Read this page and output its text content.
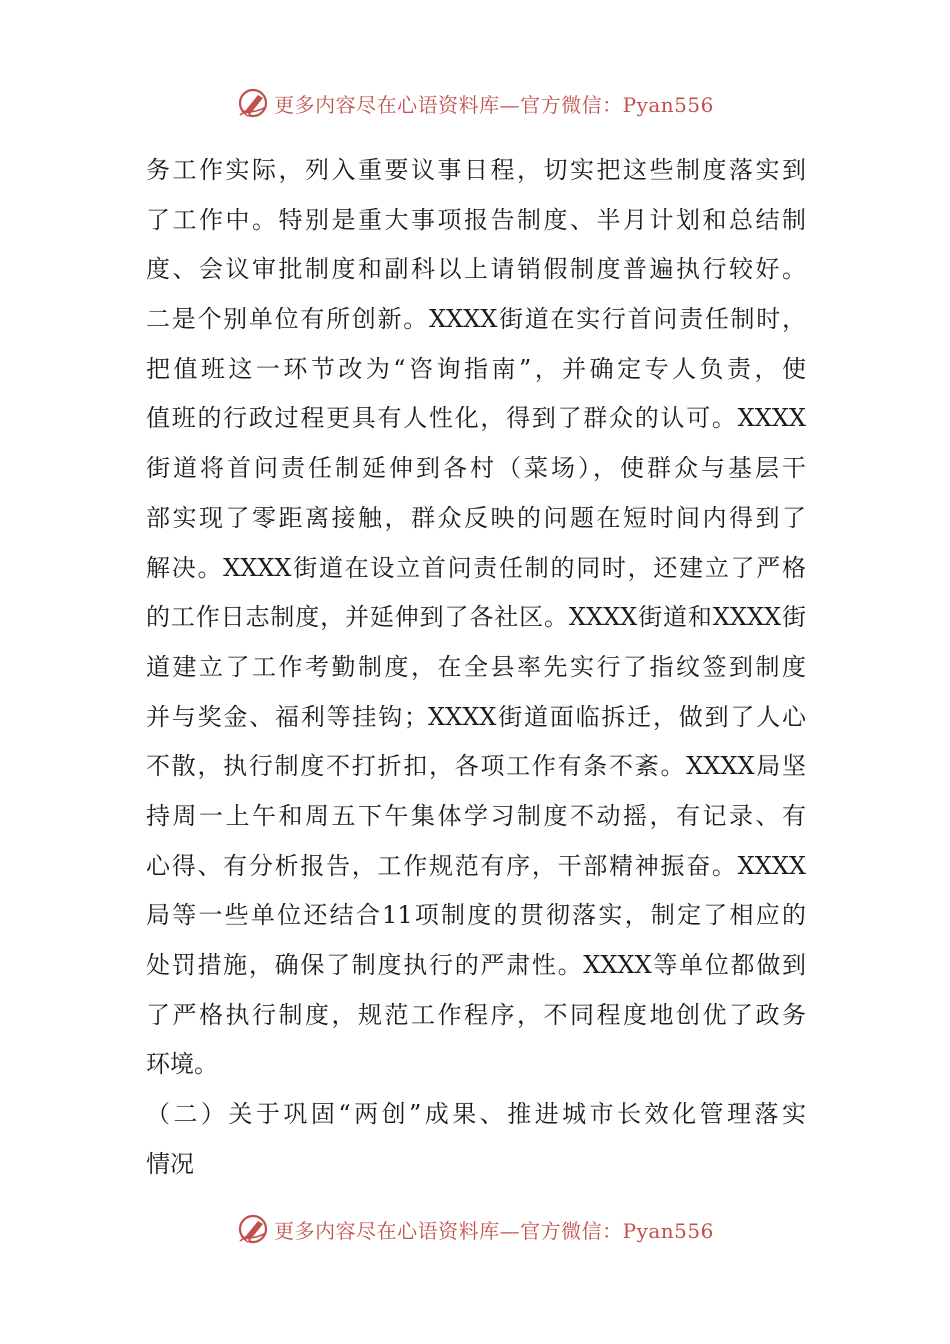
更多内容尽在心语资料库—官方微信：Pyan556
务工作实际，列入重要议事日程，切实把这些制度落实到
了工作中。特别是重大事项报告制度、半月计划和总结制
度、会议审批制度和副科以上请销假制度普遍执行较好。
二是个别单位有所创新。XXXX街道在实行首问责任制时，
把值班这一环节改为“咨询指南”，并确定专人负责，使
值班的行政过程更具有人性化，得到了群众的认可。XXXX
街道将首问责任制延伸到各村（菜场），使群众与基层干
部实现了零距离接触，群众反映的问题在短时间内得到了
解决。XXXX街道在设立首问责任制的同时，还建立了严格
的工作日志制度，并延伸到了各社区。XXXX街道和XXXX街
道建立了工作考勤制度，在全县率先实行了指纹签到制度
并与奖金、福利等挂钩；XXXX街道面临拆迁，做到了人心
不散，执行制度不打折扣，各项工作有条不紊。XXXX局坚
持周一上午和周五下午集体学习制度不动摇，有记录、有
心得、有分析报告，工作规范有序，干部精神振奋。XXXX
局等一些单位还结合11项制度的贯彻落实，制定了相应的
处罚措施，确保了制度执行的严肃性。XXXX等单位都做到
了严格执行制度，规范工作程序，不同程度地创优了政务
环境。
（二）关于巩固“两创”成果、推进城市长效化管理落实
情况
更多内容尽在心语资料库—官方微信：Pyan556
